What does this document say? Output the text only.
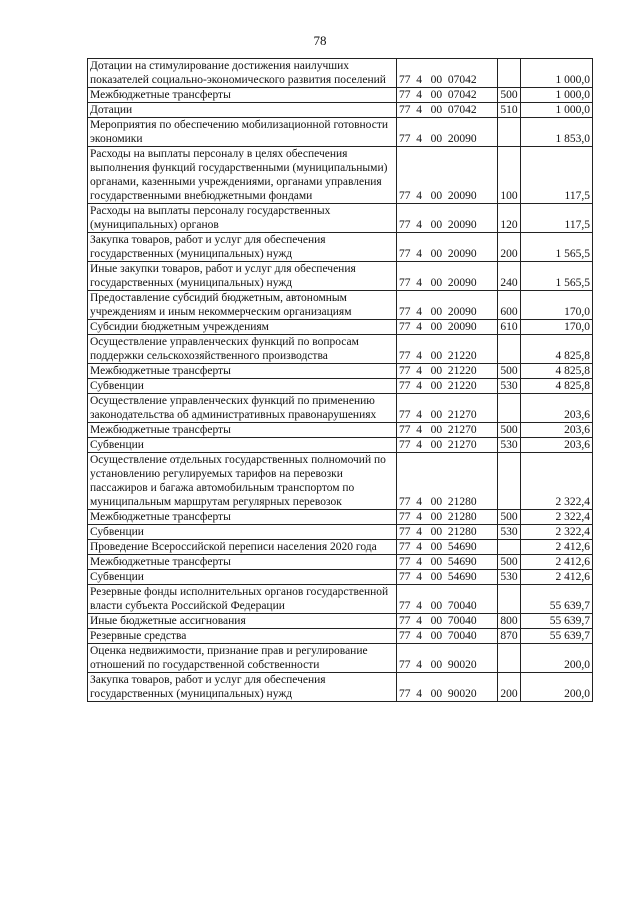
78
Дотации на стимулирование достижения наилучших показателей социально-экономического развития поселений	77  4   00  07042		1 000,0
Межбюджетные трансферты	77  4   00  07042	500	1 000,0
Дотации	77  4   00  07042	510	1 000,0
Мероприятия по обеспечению мобилизационной готовности экономики	77  4   00  20090		1 853,0
Расходы на выплаты персоналу в целях обеспечения выполнения функций государственными (муниципальными) органами, казенными учреждениями, органами управления государственными внебюджетными фондами	77  4   00  20090	100	117,5
Расходы на выплаты персоналу государственных (муниципальных) органов	77  4   00  20090	120	117,5
Закупка товаров, работ и услуг для обеспечения государственных (муниципальных) нужд	77  4   00  20090	200	1 565,5
Иные закупки товаров, работ и услуг для обеспечения государственных (муниципальных) нужд	77  4   00  20090	240	1 565,5
Предоставление субсидий бюджетным, автономным учреждениям и иным некоммерческим организациям	77  4   00  20090	600	170,0
Субсидии бюджетным учреждениям	77  4   00  20090	610	170,0
Осуществление управленческих функций по вопросам поддержки сельскохозяйственного производства	77  4   00  21220		4 825,8
Межбюджетные трансферты	77  4   00  21220	500	4 825,8
Субвенции	77  4   00  21220	530	4 825,8
Осуществление управленческих функций по применению законодательства об административных правонарушениях	77  4   00  21270		203,6
Межбюджетные трансферты	77  4   00  21270	500	203,6
Субвенции	77  4   00  21270	530	203,6
Осуществление отдельных государственных полномочий по установлению регулируемых тарифов на перевозки пассажиров и багажа автомобильным транспортом по муниципальным маршрутам регулярных перевозок	77  4   00  21280		2 322,4
Межбюджетные трансферты	77  4   00  21280	500	2 322,4
Субвенции	77  4   00  21280	530	2 322,4
Проведение Всероссийской переписи населения 2020 года	77  4   00  54690		2 412,6
Межбюджетные трансферты	77  4   00  54690	500	2 412,6
Субвенции	77  4   00  54690	530	2 412,6
Резервные фонды исполнительных органов государственной власти субъекта Российской Федерации	77  4   00  70040		55 639,7
Иные бюджетные ассигнования	77  4   00  70040	800	55 639,7
Резервные средства	77  4   00  70040	870	55 639,7
Оценка недвижимости, признание прав и регулирование отношений по государственной собственности	77  4   00  90020		200,0
Закупка товаров, работ и услуг для обеспечения государственных (муниципальных) нужд	77  4   00  90020	200	200,0
